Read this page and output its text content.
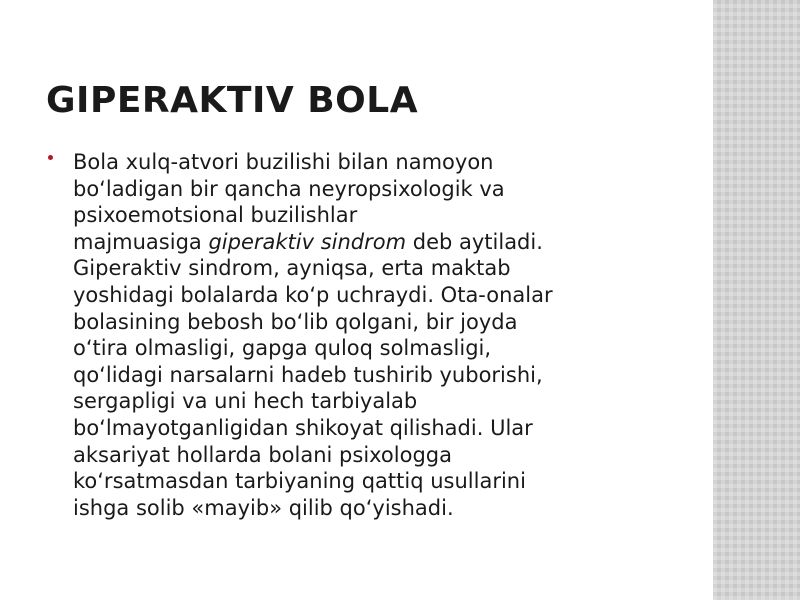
GIPERAKTIV BOLA

Bola xulq-atvori buzilishi bilan namoyon
bo‘ladigan bir qancha neyropsixologik va
psixoemotsional buzilishlar
majmuasiga giperaktiv sindrom deb aytiladi.
Giperaktiv sindrom, ayniqsa, erta maktab
yoshidagi bolalarda ko‘p uchraydi. Ota-onalar
bolasining bebosh bo‘lib qolgani, bir joyda
o‘tira olmasligi, gapga quloq solmasligi,
qo‘lidagi narsalarni hadeb tushirib yuborishi,
sergapligi va uni hech tarbiyalab
bo‘lmayotganligidan shikoyat qilishadi. Ular
aksariyat hollarda bolani psixologga
ko‘rsatmasdan tarbiyaning qattiq usullarini
ishga solib «mayib» qilib qo‘yishadi.
